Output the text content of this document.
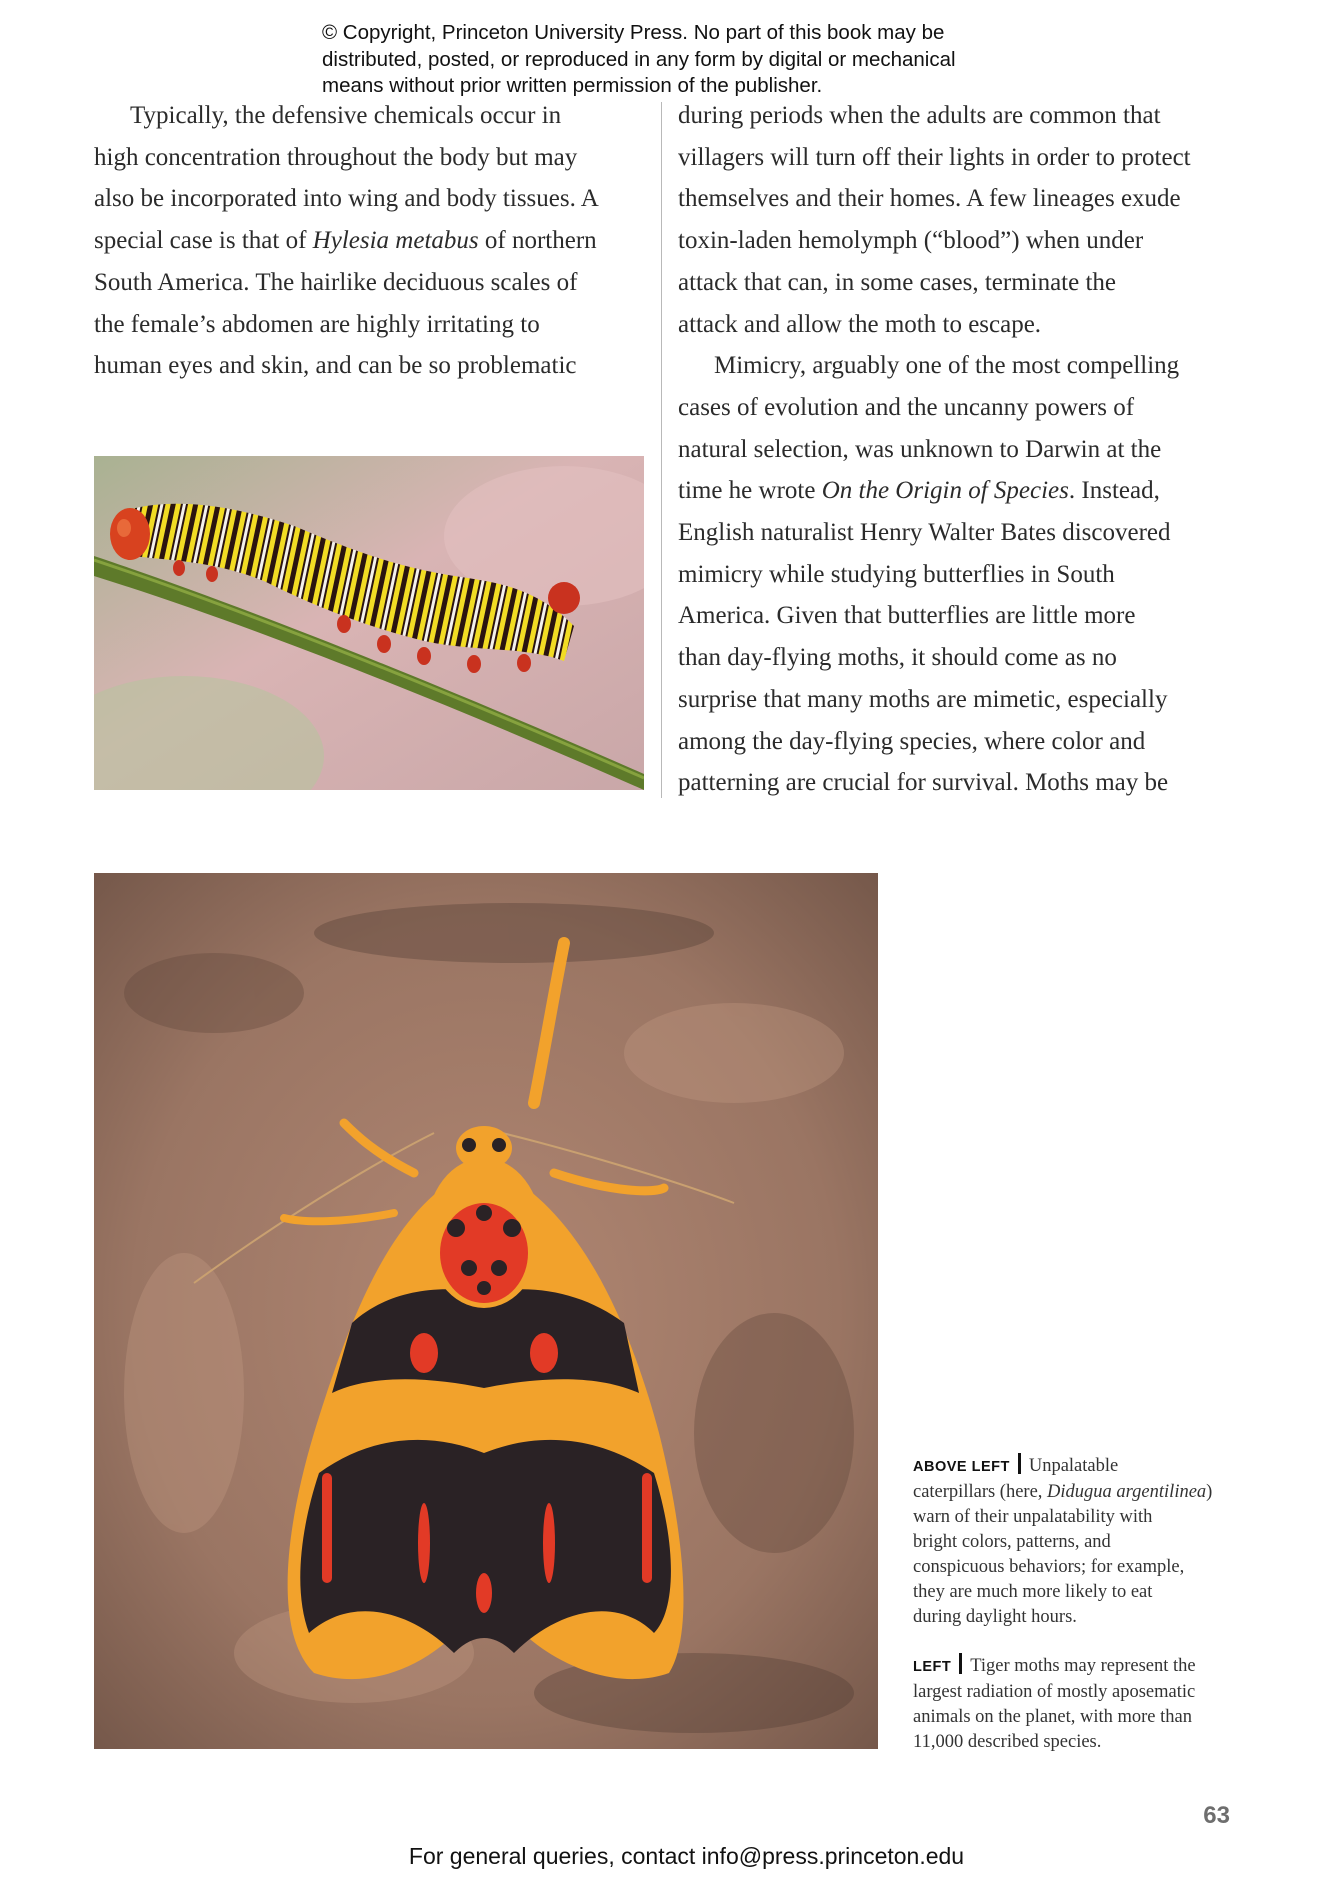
© Copyright, Princeton University Press. No part of this book may be
distributed, posted, or reproduced in any form by digital or mechanical
means without prior written permission of the publisher.
Typically, the defensive chemicals occur in
high concentration throughout the body but may
also be incorporated into wing and body tissues. A
special case is that of Hylesia metabus of northern
South America. The hairlike deciduous scales of
the female’s abdomen are highly irritating to
human eyes and skin, and can be so problematic
during periods when the adults are common that
villagers will turn off their lights in order to protect
themselves and their homes. A few lineages exude
toxin-laden hemolymph (“blood”) when under
attack that can, in some cases, terminate the
attack and allow the moth to escape.
Mimicry, arguably one of the most compelling
cases of evolution and the uncanny powers of
natural selection, was unknown to Darwin at the
time he wrote On the Origin of Species. Instead,
English naturalist Henry Walter Bates discovered
mimicry while studying butterflies in South
America. Given that butterflies are little more
than day-flying moths, it should come as no
surprise that many moths are mimetic, especially
among the day-flying species, where color and
patterning are crucial for survival. Moths may be
ABOVE LEFT Unpalatable
caterpillars (here, Didugua argentilinea)
warn of their unpalatability with
bright colors, patterns, and
conspicuous behaviors; for example,
they are much more likely to eat
during daylight hours.
LEFT Tiger moths may represent the
largest radiation of mostly aposematic
animals on the planet, with more than
11,000 described species.
63
For general queries, contact info@press.princeton.edu
